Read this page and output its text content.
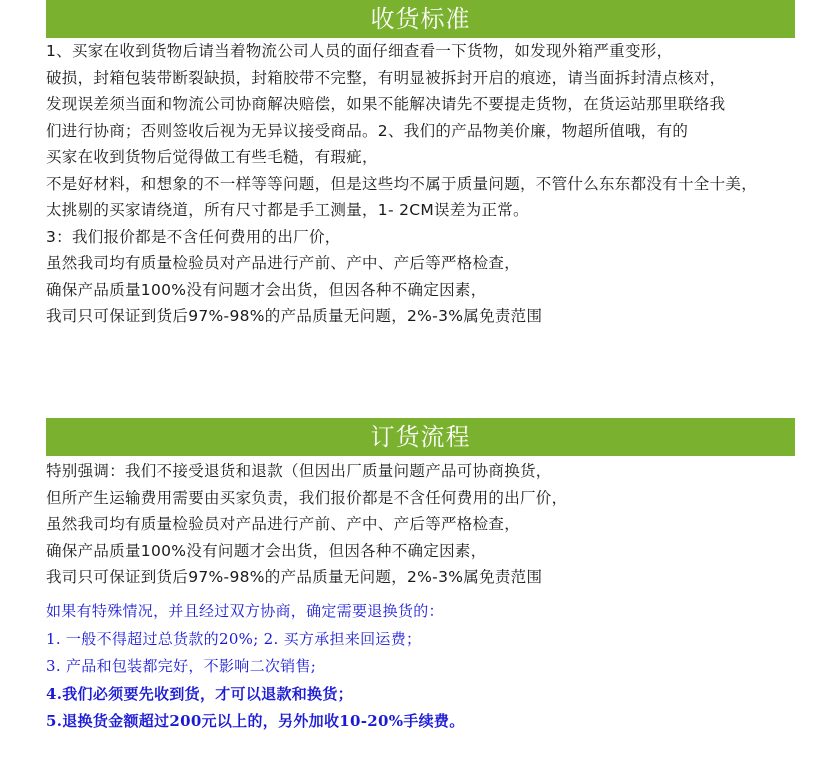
收货标准
1、买家在收到货物后请当着物流公司人员的面仔细查看一下货物，如发现外箱严重变形，
破损，封箱包装带断裂缺损，封箱胶带不完整，有明显被拆封开启的痕迹，请当面拆封清点核对，
发现误差须当面和物流公司协商解决赔偿，如果不能解决请先不要提走货物，在货运站那里联络我
们进行协商；否则签收后视为无异议接受商品。2、我们的产品物美价廉，物超所值哦，有的
买家在收到货物后觉得做工有些毛糙，有瑕疵，
不是好材料，和想象的不一样等等问题，但是这些均不属于质量问题，不管什么东东都没有十全十美，
太挑剔的买家请绕道，所有尺寸都是手工测量，1- 2CM误差为正常。
3：我们报价都是不含任何费用的出厂价，
虽然我司均有质量检验员对产品进行产前、产中、产后等严格检查，
确保产品质量100%没有问题才会出货，但因各种不确定因素，
我司只可保证到货后97%-98%的产品质量无问题，2%-3%属免责范围
订货流程
特别强调：我们不接受退货和退款（但因出厂质量问题产品可协商换货，
但所产生运输费用需要由买家负责，我们报价都是不含任何费用的出厂价，
虽然我司均有质量检验员对产品进行产前、产中、产后等严格检查，
确保产品质量100%没有问题才会出货，但因各种不确定因素，
我司只可保证到货后97%-98%的产品质量无问题，2%-3%属免责范围
如果有特殊情况，并且经过双方协商，确定需要退换货的：
1. 一般不得超过总货款的20%; 2. 买方承担来回运费；
3. 产品和包装都完好，不影响二次销售;
4.我们必须要先收到货，才可以退款和换货；
5.退换货金额超过200元以上的，另外加收10-20%手续费。
